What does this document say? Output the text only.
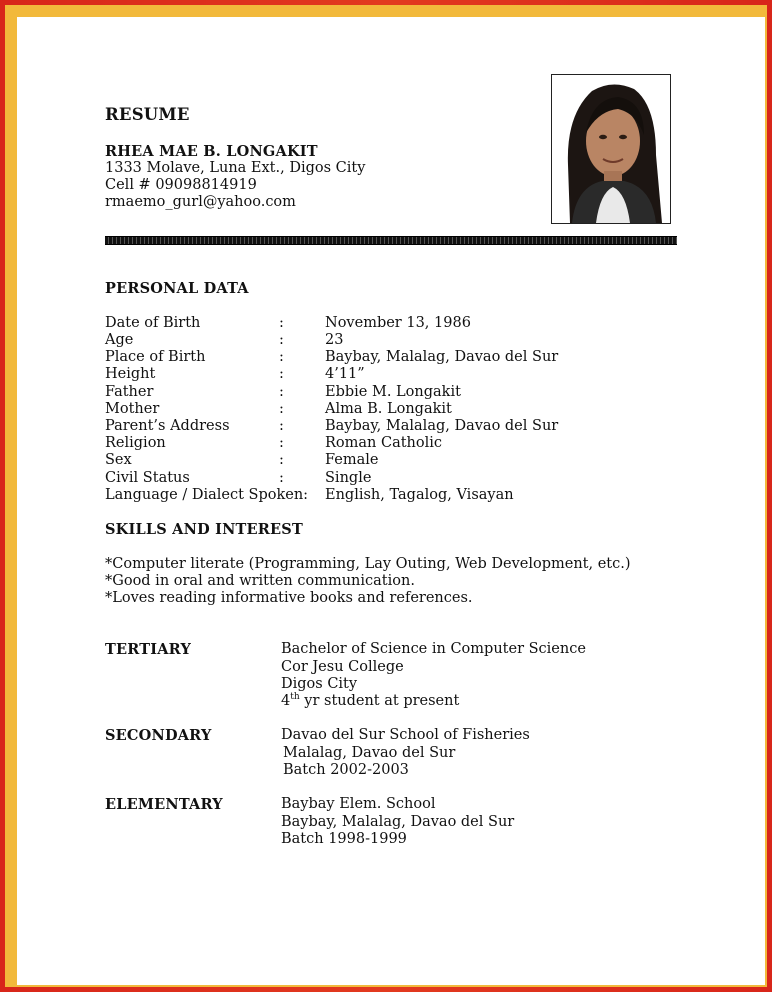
RESUME
RHEA MAE B. LONGAKIT
1333 Molave, Luna Ext., Digos City
Cell # 09098814919
rmaemo_gurl@yahoo.com
PERSONAL DATA
Date of Birth	:	November 13, 1986
Age	:	23
Place of Birth	:	Baybay, Malalag, Davao del Sur
Height	:	4’11”
Father	:	Ebbie M. Longakit
Mother	:	Alma B. Longakit
Parent’s Address	:	Baybay, Malalag, Davao del Sur
Religion	:	Roman Catholic
Sex	:	Female
Civil Status	:	Single
Language / Dialect Spoken: English, Tagalog, Visayan
SKILLS AND INTEREST
*Computer literate (Programming, Lay Outing, Web Development, etc.)
*Good in oral and written communication.
*Loves reading informative books and references.
TERTIARY	Bachelor of Science in Computer Science
Cor Jesu College
Digos City
4th yr student at present
SECONDARY	Davao del Sur School of Fisheries
Malalag, Davao del Sur
Batch 2002-2003
ELEMENTARY	Baybay Elem. School
Baybay, Malalag, Davao del Sur
Batch 1998-1999
